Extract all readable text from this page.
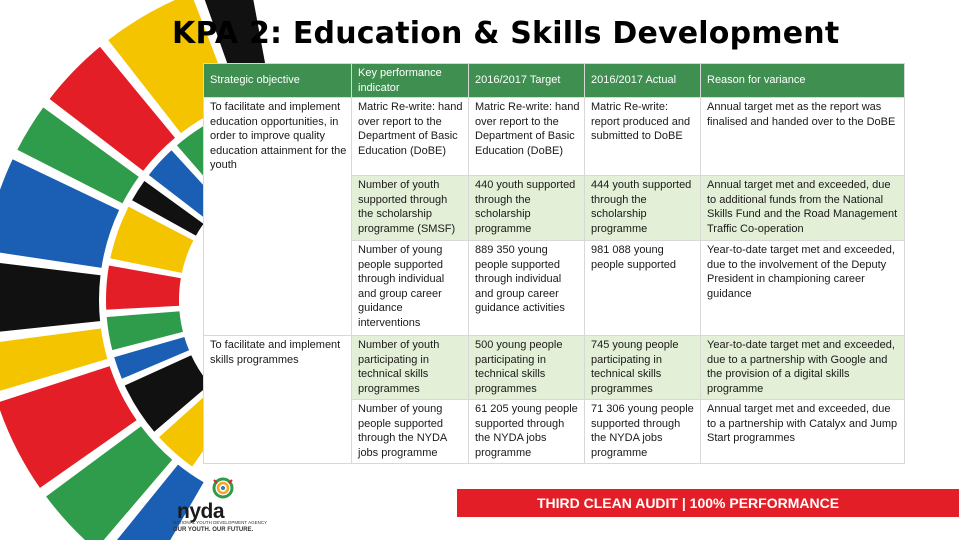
KPA 2: Education & Skills Development
Strategic objective	Key performance indicator	2016/2017 Target	2016/2017 Actual	Reason for variance
To facilitate and implement education opportunities, in order to improve quality education attainment for the youth	Matric Re-write: hand over report to the Department of Basic Education (DoBE)	Matric Re-write: hand over report to the Department of Basic Education (DoBE)	Matric Re-write: report produced and submitted to DoBE	Annual target met as the report was finalised and handed over to the DoBE
	Number of youth supported through the scholarship programme (SMSF)	440 youth supported through the scholarship programme	444 youth supported through the scholarship programme	Annual target met and exceeded, due to additional funds from the National Skills Fund and the Road Management Traffic Co-operation
	Number of young people supported through individual and group career guidance interventions	889 350 young people supported through individual and group career guidance activities	981 088 young people supported	Year-to-date target met and exceeded, due to the involvement of the Deputy President in championing career guidance
To facilitate and implement skills programmes	Number of youth participating in technical skills programmes	500 young people participating in technical skills programmes	745 young people participating in technical skills programmes	Year-to-date target met and exceeded, due to a partnership with Google and the provision of a digital skills programme
	Number of young people supported through the NYDA jobs programme	61 205 young people supported through the NYDA jobs programme	71 306 young people supported through the NYDA jobs programme	Annual target met and exceeded, due to a partnership with Catalyx and Jump Start programmes
nyda
NATIONAL YOUTH DEVELOPMENT AGENCY
OUR YOUTH. OUR FUTURE.
THIRD CLEAN AUDIT | 100% PERFORMANCE
